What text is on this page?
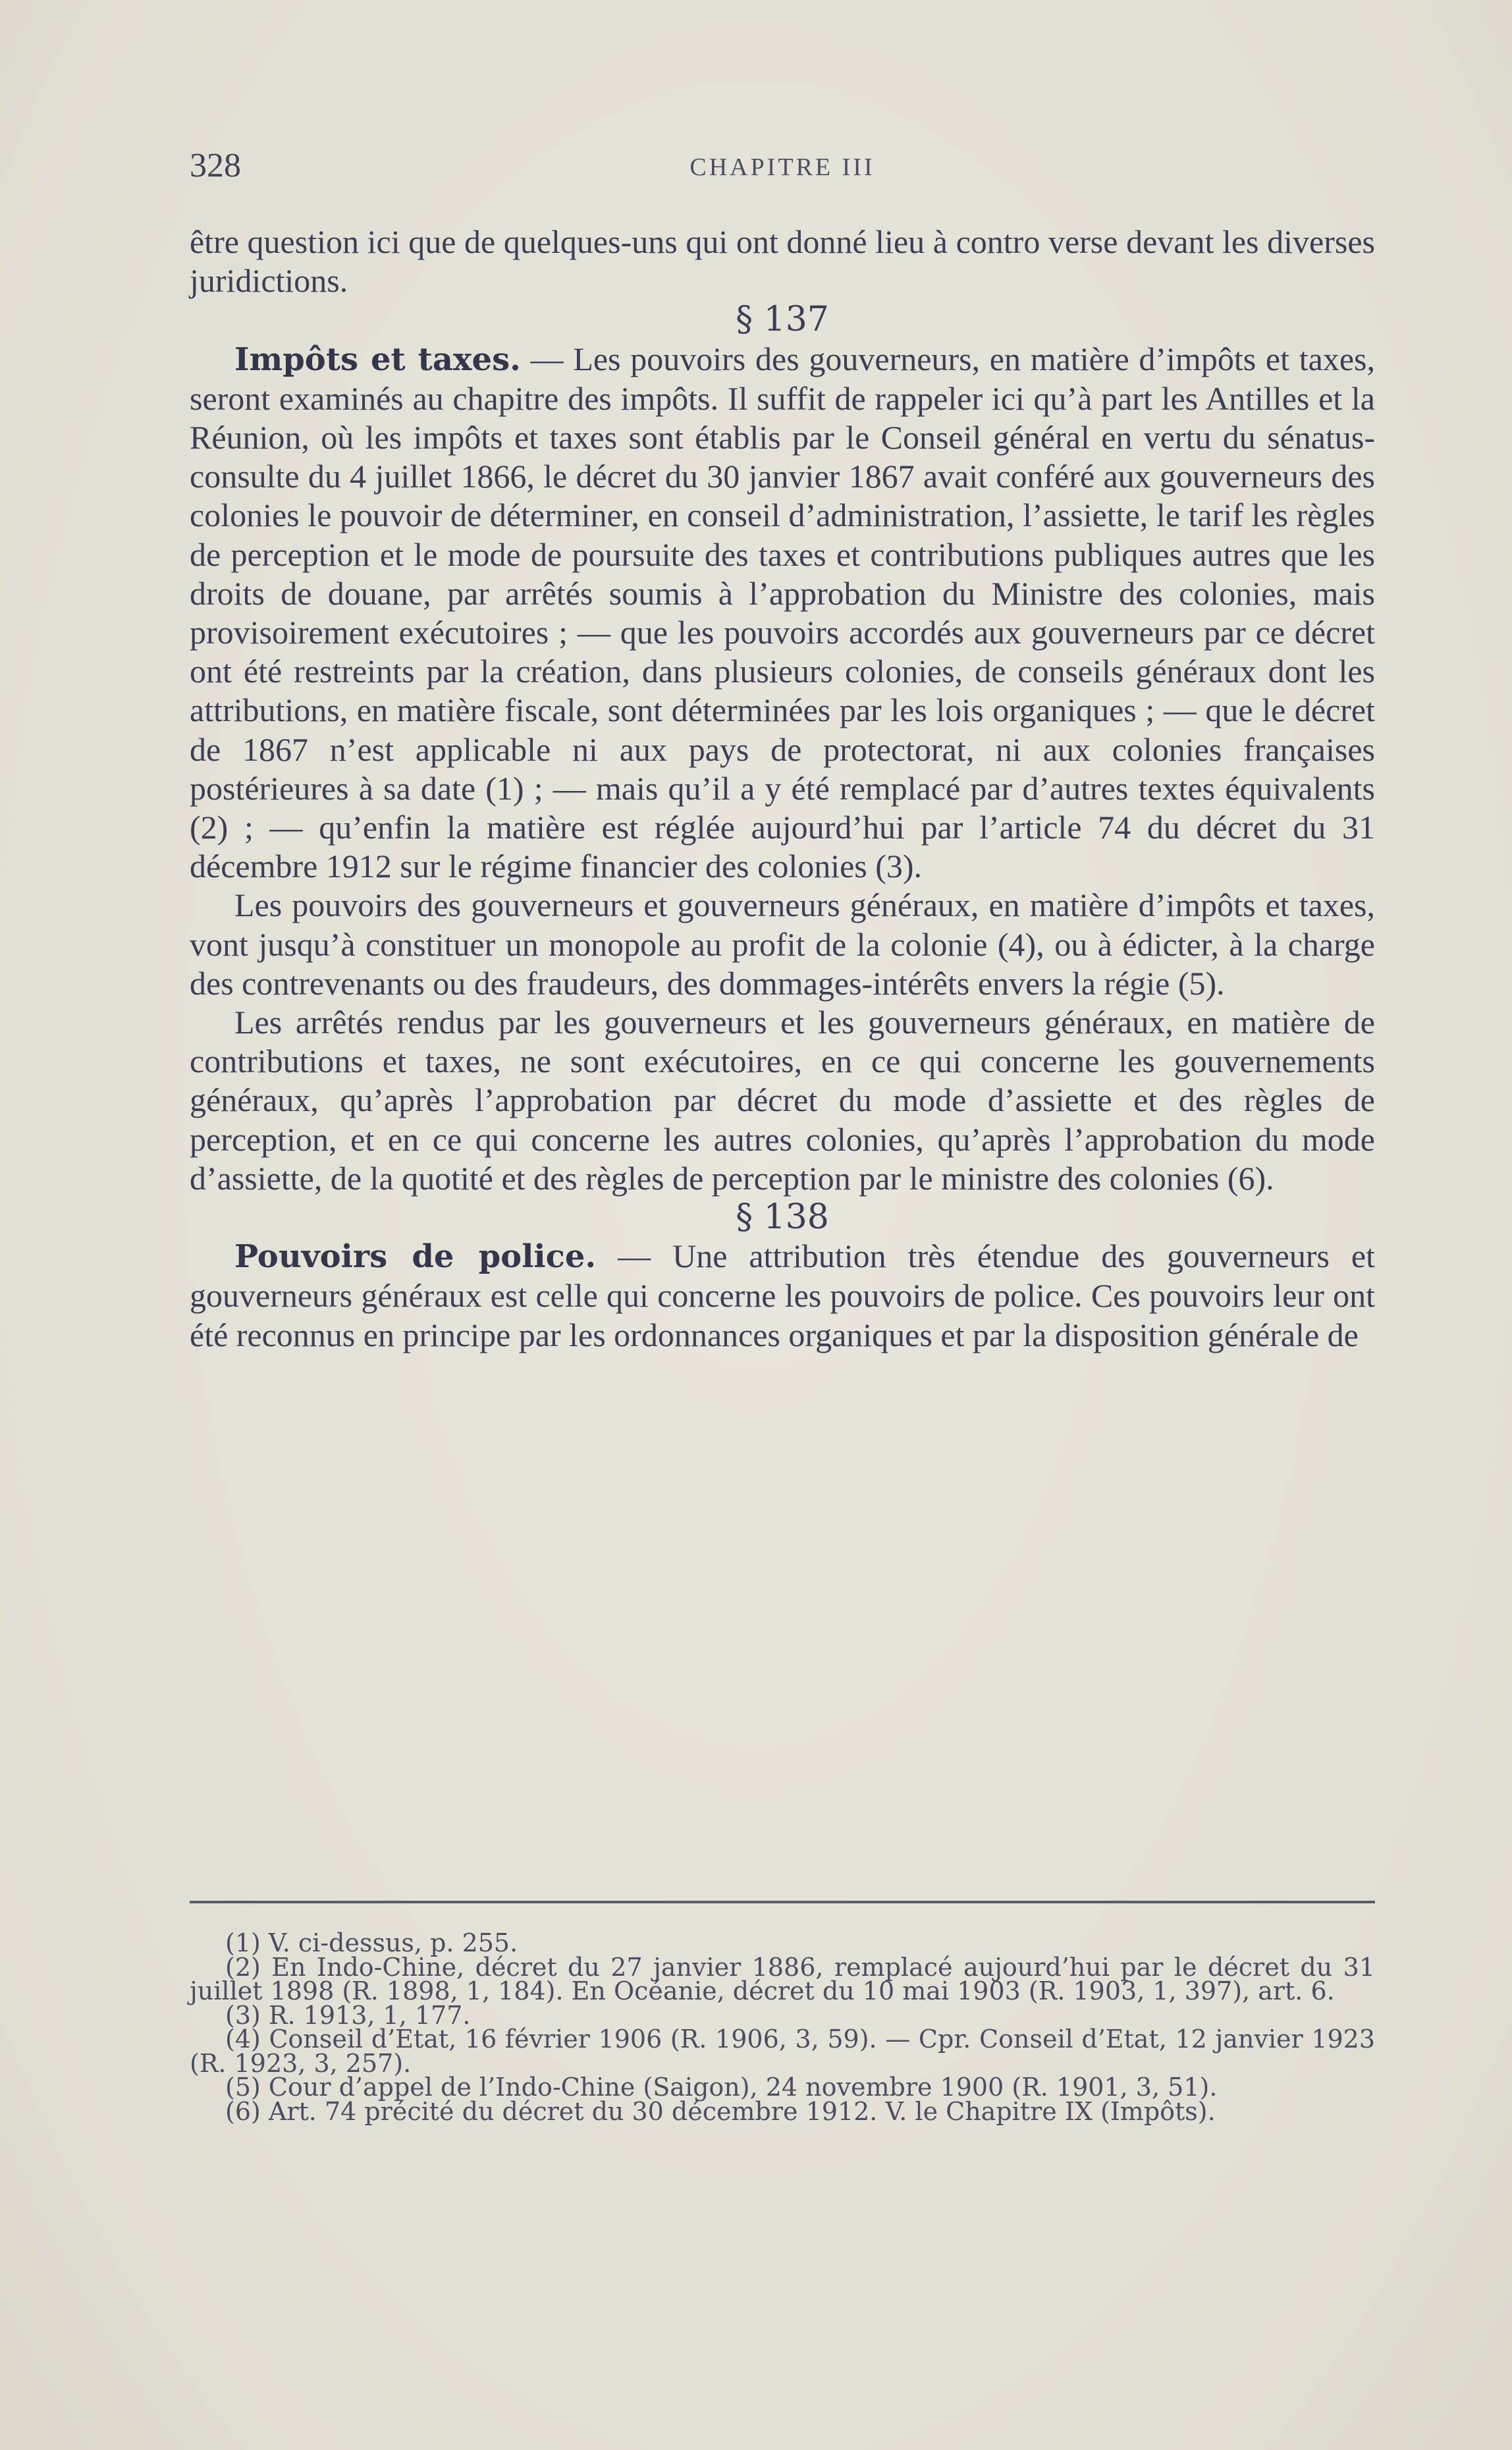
328	CHAPITRE III

être question ici que de quelques-uns qui ont donné lieu à contro verse devant les diverses juridictions.

§ 137

Impôts et taxes. — Les pouvoirs des gouverneurs, en matière d’impôts et taxes, seront examinés au chapitre des impôts. Il suffit de rappeler ici qu’à part les Antilles et la Réunion, où les impôts et taxes sont établis par le Conseil général en vertu du sénatus-consulte du 4 juillet 1866, le décret du 30 janvier 1867 avait conféré aux gouverneurs des colonies le pouvoir de déterminer, en conseil d’administration, l’assiette, le tarif les règles de perception et le mode de poursuite des taxes et contributions publiques autres que les droits de douane, par arrêtés soumis à l’approbation du Ministre des colonies, mais provisoirement exécutoires ; — que les pouvoirs accordés aux gouverneurs par ce décret ont été restreints par la création, dans plusieurs colonies, de conseils généraux dont les attributions, en matière fiscale, sont déterminées par les lois organiques ; — que le décret de 1867 n’est applicable ni aux pays de protectorat, ni aux colonies françaises postérieures à sa date (1) ; — mais qu’il a y été remplacé par d’autres textes équivalents (2) ; — qu’enfin la matière est réglée aujourd’hui par l’article 74 du décret du 31 décembre 1912 sur le régime financier des colonies (3).

Les pouvoirs des gouverneurs et gouverneurs généraux, en matière d’impôts et taxes, vont jusqu’à constituer un monopole au profit de la colonie (4), ou à édicter, à la charge des contrevenants ou des fraudeurs, des dommages-intérêts envers la régie (5).

Les arrêtés rendus par les gouverneurs et les gouverneurs généraux, en matière de contributions et taxes, ne sont exécutoires, en ce qui concerne les gouvernements généraux, qu’après l’approbation par décret du mode d’assiette et des règles de perception, et en ce qui concerne les autres colonies, qu’après l’approbation du mode d’assiette, de la quotité et des règles de perception par le ministre des colonies (6).

§ 138

Pouvoirs de police. — Une attribution très étendue des gouverneurs et gouverneurs généraux est celle qui concerne les pouvoirs de police. Ces pouvoirs leur ont été reconnus en principe par les ordonnances organiques et par la disposition générale de

(1) V. ci-dessus, p. 255.

(2) En Indo-Chine, décret du 27 janvier 1886, remplacé aujourd’hui par le décret du 31 juillet 1898 (R. 1898, 1, 184). En Océanie, décret du 10 mai 1903 (R. 1903, 1, 397), art. 6.

(3) R. 1913, 1, 177.

(4) Conseil d’Etat, 16 février 1906 (R. 1906, 3, 59). — Cpr. Conseil d’Etat, 12 janvier 1923 (R. 1923, 3, 257).

(5) Cour d’appel de l’Indo-Chine (Saigon), 24 novembre 1900 (R. 1901, 3, 51).

(6) Art. 74 précité du décret du 30 décembre 1912. V. le Chapitre IX (Impôts).
